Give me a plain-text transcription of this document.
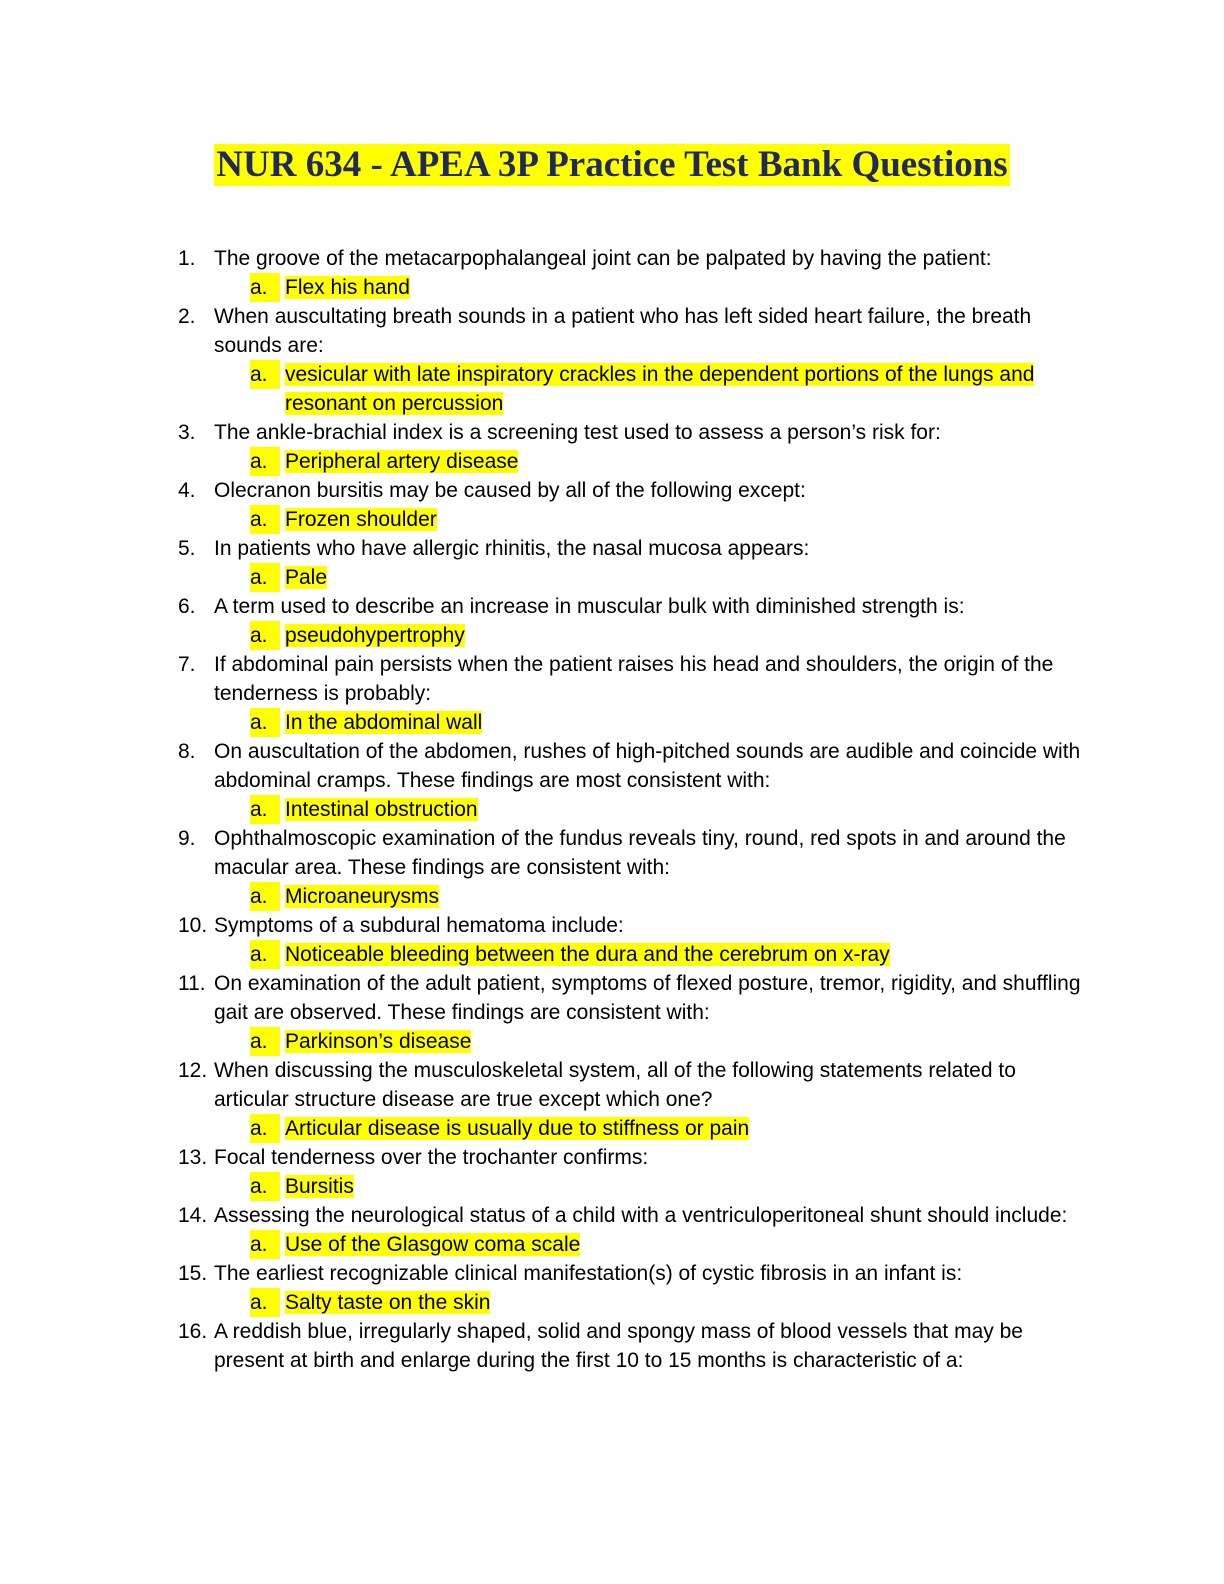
NUR 634 - APEA 3P Practice Test Bank Questions
1. The groove of the metacarpophalangeal joint can be palpated by having the patient:
a. Flex his hand
2. When auscultating breath sounds in a patient who has left sided heart failure, the breath sounds are:
a. vesicular with late inspiratory crackles in the dependent portions of the lungs and resonant on percussion
3. The ankle-brachial index is a screening test used to assess a person’s risk for:
a. Peripheral artery disease
4. Olecranon bursitis may be caused by all of the following except:
a. Frozen shoulder
5. In patients who have allergic rhinitis, the nasal mucosa appears:
a. Pale
6. A term used to describe an increase in muscular bulk with diminished strength is:
a. pseudohypertrophy
7. If abdominal pain persists when the patient raises his head and shoulders, the origin of the tenderness is probably:
a. In the abdominal wall
8. On auscultation of the abdomen, rushes of high-pitched sounds are audible and coincide with abdominal cramps. These findings are most consistent with:
a. Intestinal obstruction
9. Ophthalmoscopic examination of the fundus reveals tiny, round, red spots in and around the macular area. These findings are consistent with:
a. Microaneurysms
10. Symptoms of a subdural hematoma include:
a. Noticeable bleeding between the dura and the cerebrum on x-ray
11. On examination of the adult patient, symptoms of flexed posture, tremor, rigidity, and shuffling gait are observed. These findings are consistent with:
a. Parkinson’s disease
12. When discussing the musculoskeletal system, all of the following statements related to articular structure disease are true except which one?
a. Articular disease is usually due to stiffness or pain
13. Focal tenderness over the trochanter confirms:
a. Bursitis
14. Assessing the neurological status of a child with a ventriculoperitoneal shunt should include:
a. Use of the Glasgow coma scale
15. The earliest recognizable clinical manifestation(s) of cystic fibrosis in an infant is:
a. Salty taste on the skin
16. A reddish blue, irregularly shaped, solid and spongy mass of blood vessels that may be present at birth and enlarge during the first 10 to 15 months is characteristic of a:
